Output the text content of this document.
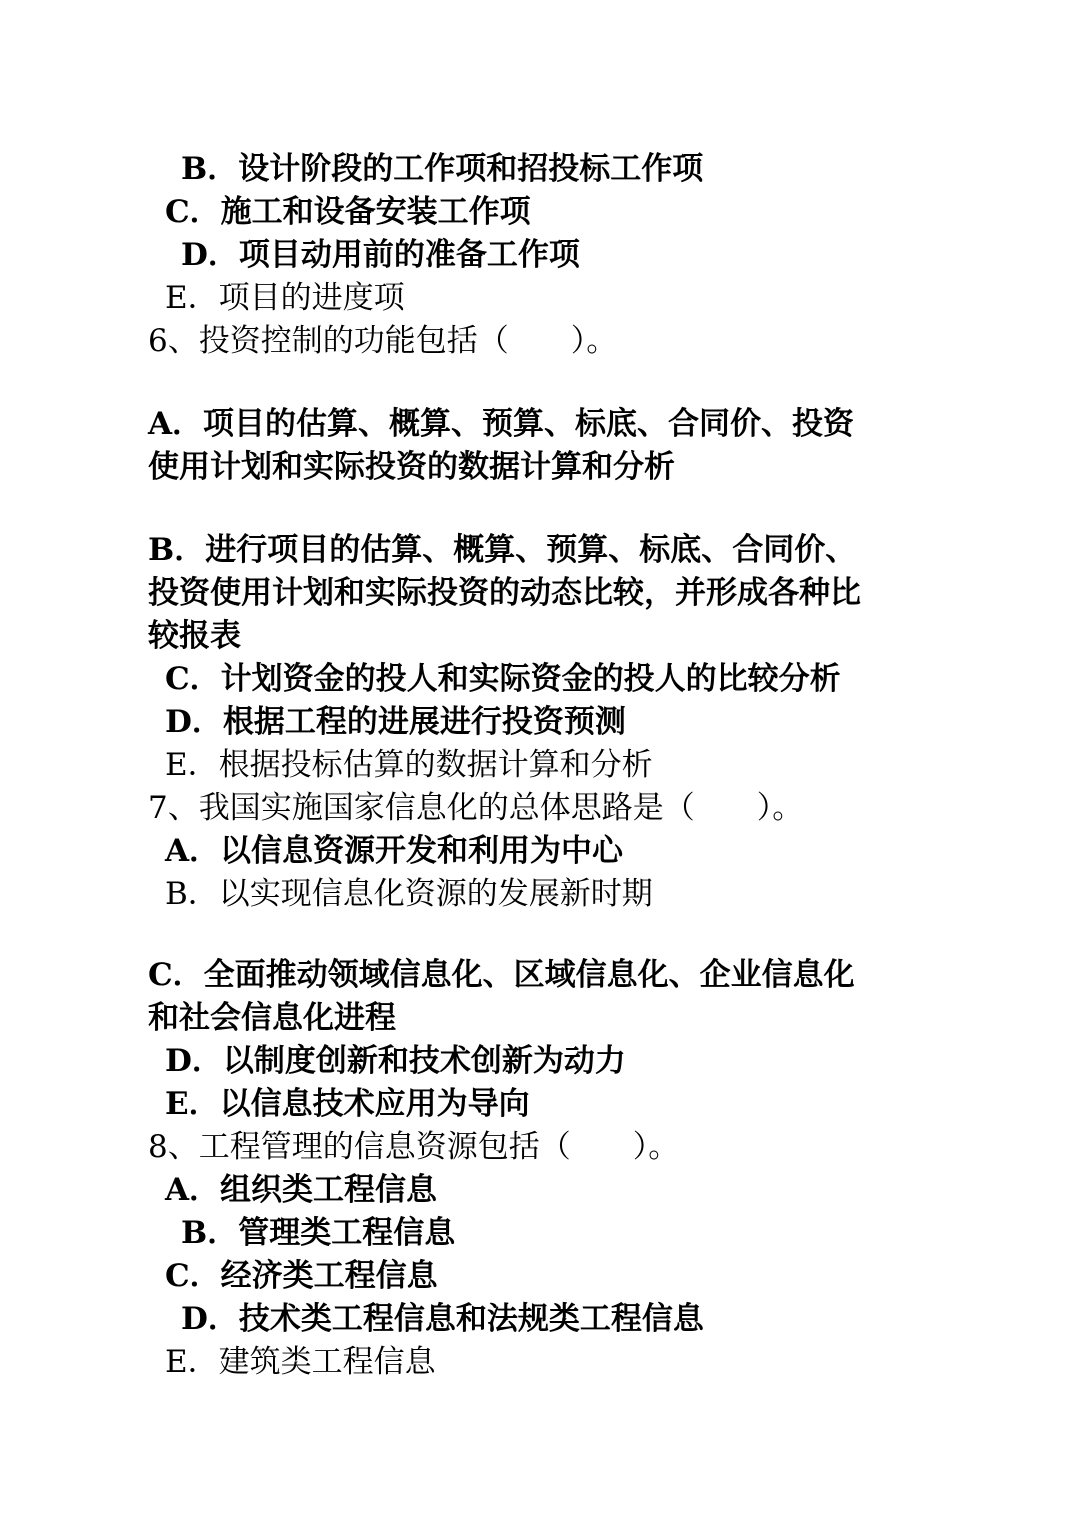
B．设计阶段的工作项和招投标工作项
C．施工和设备安装工作项
D．项目动用前的准备工作项
E．项目的进度项
6、投资控制的功能包括（　　）。
A．项目的估算、概算、预算、标底、合同价、投资
使用计划和实际投资的数据计算和分析
B．进行项目的估算、概算、预算、标底、合同价、
投资使用计划和实际投资的动态比较，并形成各种比
较报表
C．计划资金的投人和实际资金的投人的比较分析
D．根据工程的进展进行投资预测
E．根据投标估算的数据计算和分析
7、我国实施国家信息化的总体思路是（　　）。
A．以信息资源开发和利用为中心
B．以实现信息化资源的发展新时期
C．全面推动领域信息化、区域信息化、企业信息化
和社会信息化进程
D．以制度创新和技术创新为动力
E．以信息技术应用为导向
8、工程管理的信息资源包括（　　）。
A．组织类工程信息
B．管理类工程信息
C．经济类工程信息
D．技术类工程信息和法规类工程信息
E．建筑类工程信息
